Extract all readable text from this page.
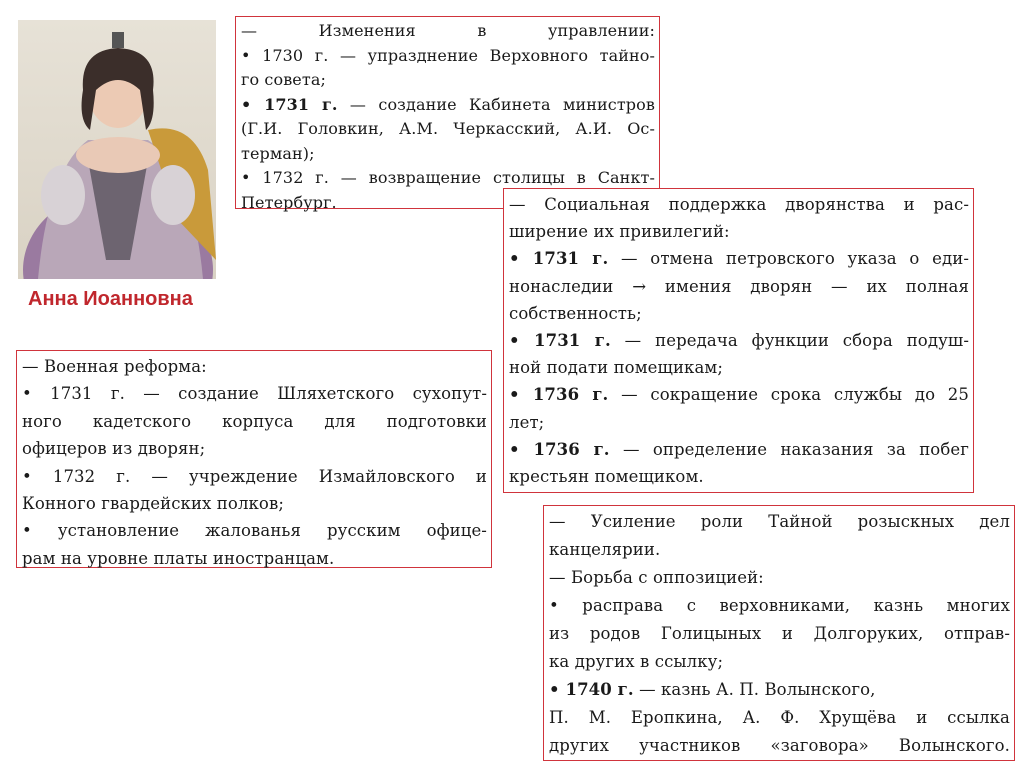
Анна Иоанновна
— Изменения в управлении:
• 1730 г. — упразднение Верховного тайно-
го совета;
• 1731 г. — создание Кабинета министров
(Г.И. Головкин, А.М. Черкасский, А.И. Ос-
терман);
• 1732 г. — возвращение столицы в Санкт-
Петербург.	— Социальная поддержка дворянства и рас-
ширение их привилегий:
• 1731 г. — отмена петровского указа о еди-
нонаследии → имения дворян — их полная
собственность;
• 1731 г. — передача функции сбора подуш-
ной подати помещикам;
• 1736 г. — сокращение срока службы до 25
лет;
• 1736 г. — определение наказания за побег
крестьян помещиком.
— Военная реформа:
• 1731 г. — создание Шляхетского сухопут-
ного кадетского корпуса для подготовки
офицеров из дворян;
• 1732 г. — учреждение Измайловского и
Конного гвардейских полков;
• установление жалованья русским офице-
рам на уровне платы иностранцам.
— Усиление роли Тайной розыскных дел
канцелярии.
— Борьба с оппозицией:
• расправа с верховниками, казнь многих
из родов Голицыных и Долгоруких, отправ-
ка других в ссылку;
• 1740 г. — казнь А. П. Волынского,
П. М. Еропкина, А. Ф. Хрущёва и ссылка
других участников «заговора» Волынского.
